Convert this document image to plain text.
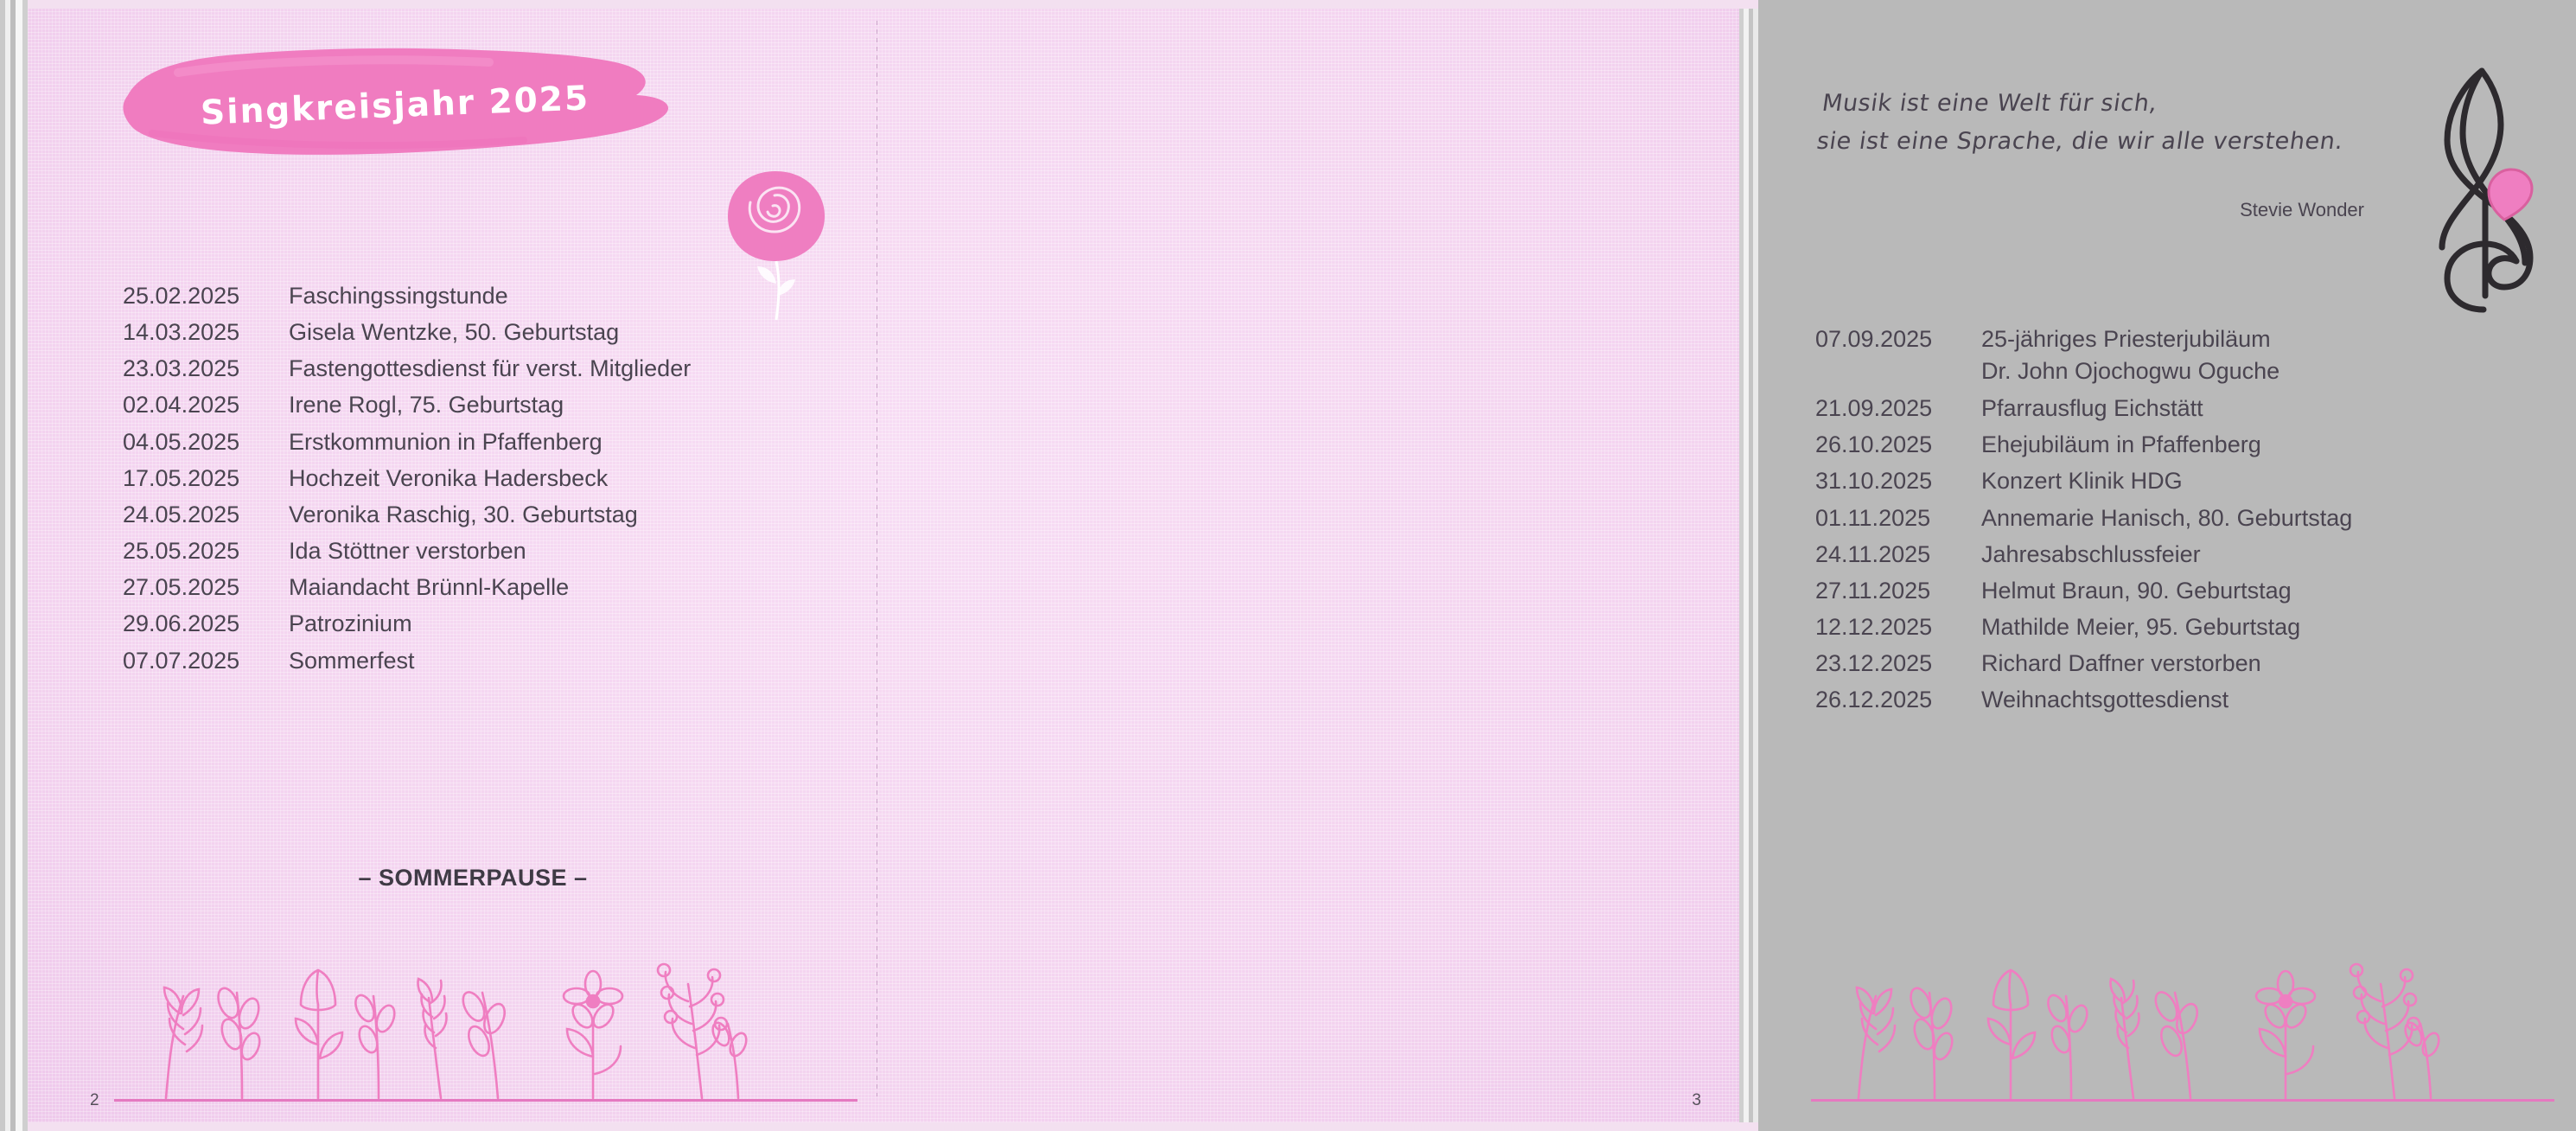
Singkreisjahr 2025
25.02.2025	Faschingssingstunde
14.03.2025	Gisela Wentzke, 50. Geburtstag
23.03.2025	Fastengottesdienst für verst. Mitglieder
02.04.2025	Irene Rogl, 75. Geburtstag
04.05.2025	Erstkommunion in Pfaffenberg
17.05.2025	Hochzeit Veronika Hadersbeck
24.05.2025	Veronika Raschig, 30. Geburtstag
25.05.2025	Ida Stöttner verstorben
27.05.2025	Maiandacht Brünnl-Kapelle
29.06.2025	Patrozinium
07.07.2025	Sommerfest
– SOMMERPAUSE –
2
Musik ist eine Welt für sich,
sie ist eine Sprache, die wir alle verstehen.
Stevie Wonder
07.09.2025	25-jähriges Priesterjubiläum
Dr. John Ojochogwu Oguche
21.09.2025	Pfarrausflug Eichstätt
26.10.2025	Ehejubiläum in Pfaffenberg
31.10.2025	Konzert Klinik HDG
01.11.2025	Annemarie Hanisch, 80. Geburtstag
24.11.2025	Jahresabschlussfeier
27.11.2025	Helmut Braun, 90. Geburtstag
12.12.2025	Mathilde Meier, 95. Geburtstag
23.12.2025	Richard Daffner verstorben
26.12.2025	Weihnachtsgottesdienst
3
